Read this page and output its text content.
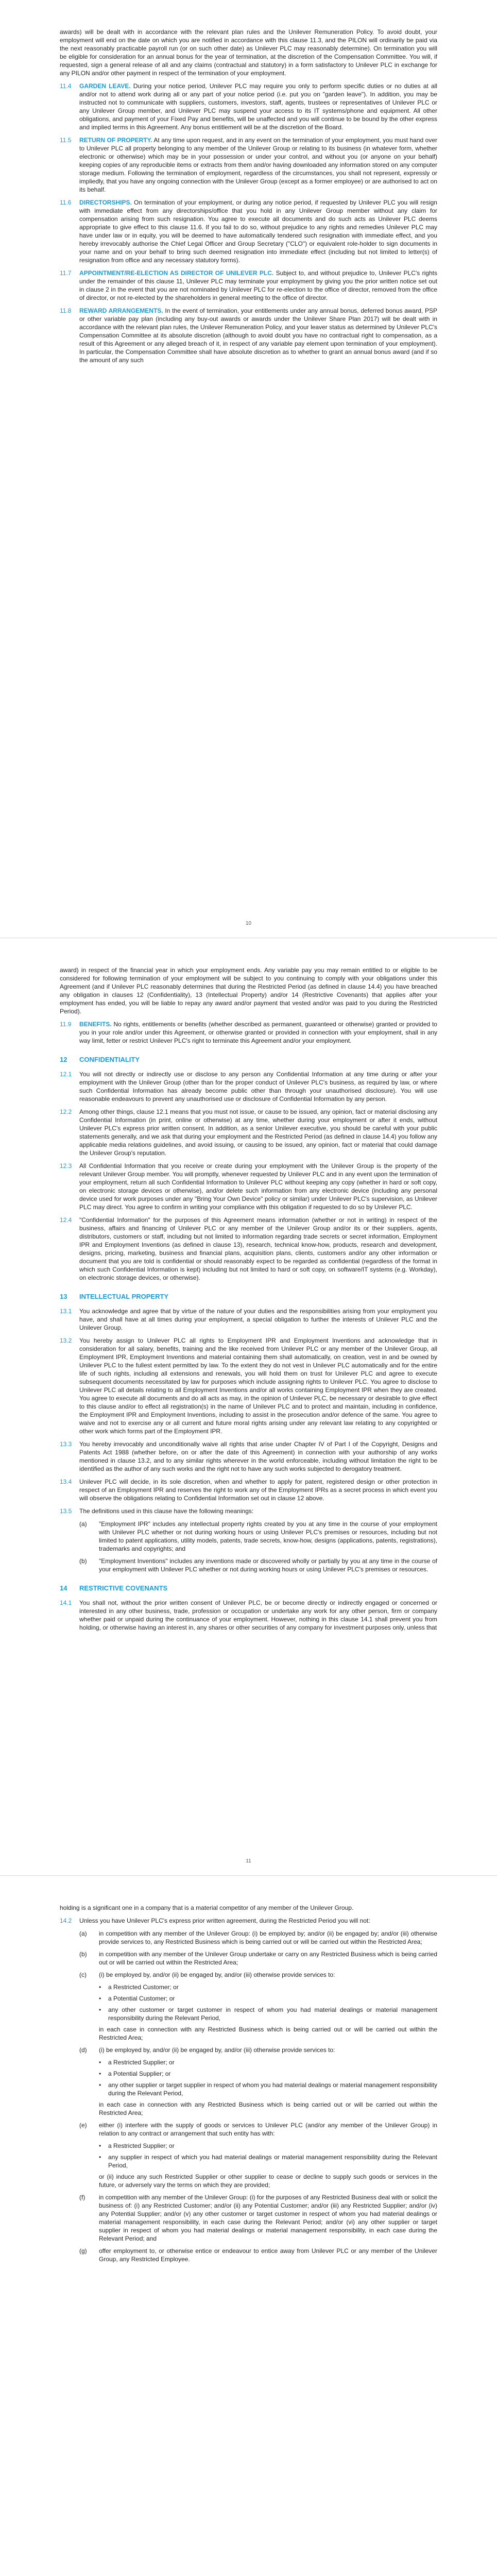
awards) will be dealt with in accordance with the relevant plan rules and the Unilever Remuneration Policy. To avoid doubt, your employment will end on the date on which you are notified in accordance with this clause 11.3, and the PILON will ordinarily be paid via the next reasonably practicable payroll run (or on such other date) as Unilever PLC may reasonably determine). On termination you will be eligible for consideration for an annual bonus for the year of termination, at the discretion of the Compensation Committee. You will, if requested, sign a general release of all and any claims (contractual and statutory) in a form satisfactory to Unilever PLC in exchange for any PILON and/or other payment in respect of the termination of your employment.

11.4	GARDEN LEAVE. During your notice period, Unilever PLC may require you only to perform specific duties or no duties at all and/or not to attend work during all or any part of your notice period (i.e. put you on "garden leave"). In addition, you may be instructed not to communicate with suppliers, customers, investors, staff, agents, trustees or representatives of Unilever PLC or any Unilever Group member, and Unilever PLC may suspend your access to its IT systems/phone and equipment. All other obligations, and payment of your Fixed Pay and benefits, will be unaffected and you will continue to be bound by the other express and implied terms in this Agreement. Any bonus entitlement will be at the discretion of the Board.
11.5	RETURN OF PROPERTY. At any time upon request, and in any event on the termination of your employment, you must hand over to Unilever PLC all property belonging to any member of the Unilever Group or relating to its business (in whatever form, whether electronic or otherwise) which may be in your possession or under your control, and without you (or anyone on your behalf) keeping copies of any reproducible items or extracts from them and/or having downloaded any information stored on any computer storage medium. Following the termination of employment, regardless of the circumstances, you shall not represent, expressly or impliedly, that you have any ongoing connection with the Unilever Group (except as a former employee) or are authorised to act on its behalf.
11.6	DIRECTORSHIPS. On termination of your employment, or during any notice period, if requested by Unilever PLC you will resign with immediate effect from any directorships/office that you hold in any Unilever Group member without any claim for compensation arising from such resignation. You agree to execute all documents and do such acts as Unilever PLC deems appropriate to give effect to this clause 11.6. If you fail to do so, without prejudice to any rights and remedies Unilever PLC may have under law or in equity, you will be deemed to have automatically tendered such resignation with immediate effect, and you hereby irrevocably authorise the Chief Legal Officer and Group Secretary ("CLO") or equivalent role-holder to sign documents in your name and on your behalf to bring such deemed resignation into immediate effect (including but not limited to letter(s) of resignation from office and any necessary statutory forms).
11.7	APPOINTMENT/RE-ELECTION AS DIRECTOR OF UNILEVER PLC. Subject to, and without prejudice to, Unilever PLC's rights under the remainder of this clause 11, Unilever PLC may terminate your employment by giving you the prior written notice set out in clause 2 in the event that you are not nominated by Unilever PLC for re-election to the office of director, removed from the office of director, or not re-elected by the shareholders in general meeting to the office of director.
11.8	REWARD ARRANGEMENTS. In the event of termination, your entitlements under any annual bonus, deferred bonus award, PSP or other variable pay plan (including any buy-out awards or awards under the Unilever Share Plan 2017) will be dealt with in accordance with the relevant plan rules, the Unilever Remuneration Policy, and your leaver status as determined by Unilever PLC's Compensation Committee at its absolute discretion (although to avoid doubt you have no contractual right to compensation, as a result of this Agreement or any alleged breach of it, in respect of any variable pay element upon termination of your employment). In particular, the Compensation Committee shall have absolute discretion as to whether to grant an annual bonus award (and if so the amount of any such
10

award) in respect of the financial year in which your employment ends. Any variable pay you may remain entitled to or eligible to be considered for following termination of your employment will be subject to you continuing to comply with your obligations under this Agreement (and if Unilever PLC reasonably determines that during the Restricted Period (as defined in clause 14.4) you have breached any obligation in clauses 12 (Confidentiality), 13 (Intellectual Property) and/or 14 (Restrictive Covenants) that applies after your employment has ended, you will be liable to repay any award and/or payment that vested and/or was paid to you during the Restricted Period).

11.9	BENEFITS. No rights, entitlements or benefits (whether described as permanent, guaranteed or otherwise) granted or provided to you in your role and/or under this Agreement, or otherwise granted or provided in connection with your employment, shall in any way limit, fetter or restrict Unilever PLC's right to terminate this Agreement and/or your employment.
12	CONFIDENTIALITY
12.1	You will not directly or indirectly use or disclose to any person any Confidential Information at any time during or after your employment with the Unilever Group (other than for the proper conduct of Unilever PLC's business, as required by law, or where such Confidential Information has already become public other than through your unauthorised disclosure). You will use reasonable endeavours to prevent any unauthorised use or disclosure of Confidential Information by any person.
12.2	Among other things, clause 12.1 means that you must not issue, or cause to be issued, any opinion, fact or material disclosing any Confidential Information (in print, online or otherwise) at any time, whether during your employment or after it ends, without Unilever PLC's express prior written consent. In addition, as a senior Unilever executive, you should be careful with your public statements generally, and we ask that during your employment and the Restricted Period (as defined in clause 14.4) you follow any applicable media relations guidelines, and avoid issuing, or causing to be issued, any opinion, fact or material that could damage the Unilever Group's reputation.
12.3	All Confidential Information that you receive or create during your employment with the Unilever Group is the property of the relevant Unilever Group member. You will promptly, whenever requested by Unilever PLC and in any event upon the termination of your employment, return all such Confidential Information to Unilever PLC without keeping any copy (whether in hard or soft copy, on electronic storage devices or otherwise), and/or delete such information from any electronic device (including any personal device used for work purposes under any "Bring Your Own Device" policy or similar) under Unilever PLC's supervision, as Unilever PLC may direct. You agree to confirm in writing your compliance with this obligation if requested to do so by Unilever PLC.
12.4	"Confidential Information" for the purposes of this Agreement means information (whether or not in writing) in respect of the business, affairs and financing of Unilever PLC or any member of the Unilever Group and/or its or their suppliers, agents, distributors, customers or staff, including but not limited to information regarding trade secrets or secret information, Employment IPR and Employment Inventions (as defined in clause 13), research, technical know-how, products, research and development, designs, pricing, marketing, business and financial plans, acquisition plans, clients, customers and/or any other information or document that you are told is confidential or should reasonably expect to be regarded as confidential (regardless of the format in which such Confidential Information is kept) including but not limited to hard or soft copy, on software/IT systems (e.g. Workday), on electronic storage devices, or otherwise).
13	INTELLECTUAL PROPERTY
13.1	You acknowledge and agree that by virtue of the nature of your duties and the responsibilities arising from your employment you have, and shall have at all times during your employment, a special obligation to further the interests of Unilever PLC and the Unilever Group.
13.2	You hereby assign to Unilever PLC all rights to Employment IPR and Employment Inventions and acknowledge that in consideration for all salary, benefits, training and the like received from Unilever PLC or any member of the Unilever Group, all Employment IPR, Employment Inventions and material containing them shall automatically, on creation, vest in and be owned by Unilever PLC to the fullest extent permitted by law. To the extent they do not vest in Unilever PLC automatically and for the entire life of such rights, including all extensions and renewals, you will hold them on trust for Unilever PLC and agree to execute subsequent documents necessitated by law for purposes which include assigning rights to Unilever PLC. You agree to disclose to Unilever PLC all details relating to all Employment Inventions and/or all works containing Employment IPR when they are created. You agree to execute all documents and do all acts as may, in the opinion of Unilever PLC, be necessary or desirable to give effect to this clause and/or to effect all registration(s) in the name of Unilever PLC and to protect and maintain, including in confidence, the Employment IPR and Employment Inventions, including to assist in the prosecution and/or defence of the same. You agree to waive and not to exercise any or all current and future moral rights arising under any relevant law relating to any copyrighted or other work which forms part of the Employment IPR.
13.3	You hereby irrevocably and unconditionally waive all rights that arise under Chapter IV of Part I of the Copyright, Designs and Patents Act 1988 (whether before, on or after the date of this Agreement) in connection with your authorship of any works mentioned in clause 13.2, and to any similar rights wherever in the world enforceable, including without limitation the right to be identified as the author of any such works and the right not to have any such works subjected to derogatory treatment.
13.4	Unilever PLC will decide, in its sole discretion, when and whether to apply for patent, registered design or other protection in respect of an Employment IPR and reserves the right to work any of the Employment IPRs as a secret process in which event you will observe the obligations relating to Confidential Information set out in clause 12 above.
13.5	The definitions used in this clause have the following meanings:
(a)	"Employment IPR" includes any intellectual property rights created by you at any time in the course of your employment with Unilever PLC whether or not during working hours or using Unilever PLC's premises or resources, including but not limited to patent applications, utility models, patents, trade secrets, know-how, designs (applications, patents, registrations), trademarks and copyrights; and
(b)	"Employment Inventions" includes any inventions made or discovered wholly or partially by you at any time in the course of your employment with Unilever PLC whether or not during working hours or using Unilever PLC's premises or resources.
14	RESTRICTIVE COVENANTS
14.1	You shall not, without the prior written consent of Unilever PLC, be or become directly or indirectly engaged or concerned or interested in any other business, trade, profession or occupation or undertake any work for any other person, firm or company whether paid or unpaid during the continuance of your employment. However, nothing in this clause 14.1 shall prevent you from holding, or otherwise having an interest in, any shares or other securities of any company for investment purposes only, unless that
11

holding is a significant one in a company that is a material competitor of any member of the Unilever Group.

14.2	Unless you have Unilever PLC's express prior written agreement, during the Restricted Period you will not:
(a)	in competition with any member of the Unilever Group: (i) be employed by; and/or (ii) be engaged by; and/or (iii) otherwise provide services to, any Restricted Business which is being carried out or will be carried out within the Restricted Area;
(b)	in competition with any member of the Unilever Group undertake or carry on any Restricted Business which is being carried out or will be carried out within the Restricted Area;
(c)	(i) be employed by, and/or (ii) be engaged by, and/or (iii) otherwise provide services to:
•	a Restricted Customer; or
•	a Potential Customer; or
•	any other customer or target customer in respect of whom you had material dealings or material management responsibility during the Relevant Period,
in each case in connection with any Restricted Business which is being carried out or will be carried out within the Restricted Area;
(d)	(i) be employed by, and/or (ii) be engaged by, and/or (iii) otherwise provide services to:
•	a Restricted Supplier; or
•	a Potential Supplier; or
•	any other supplier or target supplier in respect of whom you had material dealings or material management responsibility during the Relevant Period,
in each case in connection with any Restricted Business which is being carried out or will be carried out within the Restricted Area;
(e)	either (i) interfere with the supply of goods or services to Unilever PLC (and/or any member of the Unilever Group) in relation to any contract or arrangement that such entity has with:
•	a Restricted Supplier; or
•	any supplier in respect of which you had material dealings or material management responsibility during the Relevant Period,
or (ii) induce any such Restricted Supplier or other supplier to cease or decline to supply such goods or services in the future, or adversely vary the terms on which they are provided;
(f)	in competition with any member of the Unilever Group: (i) for the purposes of any Restricted Business deal with or solicit the business of: (i) any Restricted Customer; and/or (ii) any Potential Customer; and/or (iii) any Restricted Supplier; and/or (iv) any Potential Supplier; and/or (v) any other customer or target customer in respect of whom you had material dealings or material management responsibility, in each case during the Relevant Period; and/or (vi) any other supplier or target supplier in respect of whom you had material dealings or material management responsibility, in each case during the Relevant Period; and
(g)	offer employment to, or otherwise entice or endeavour to entice away from Unilever PLC or any member of the Unilever Group, any Restricted Employee.
